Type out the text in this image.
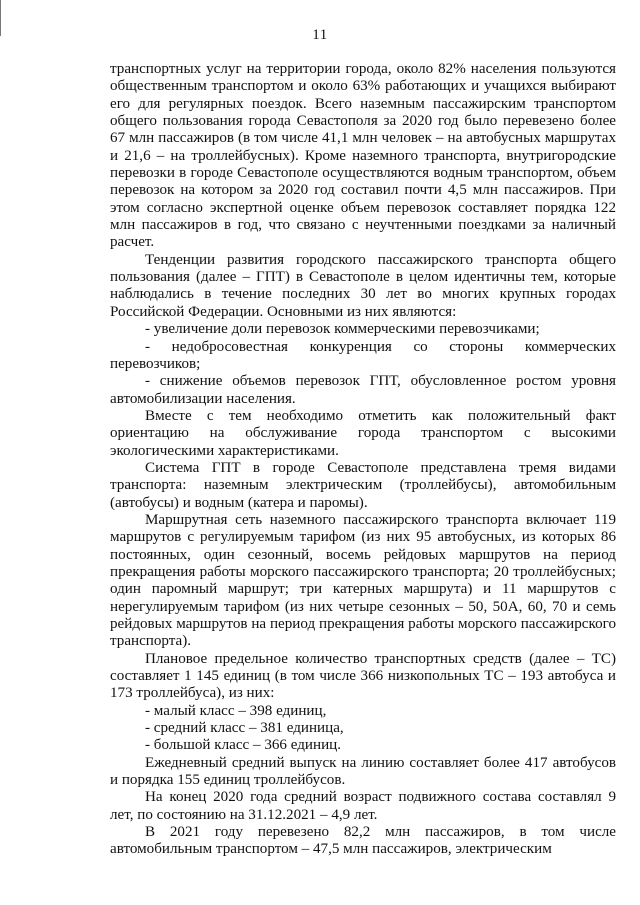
11

транспортных услуг на территории города, около 82% населения пользуются общественным транспортом и около 63% работающих и учащихся выбирают его для регулярных поездок. Всего наземным пассажирским транспортом общего пользования города Севастополя за 2020 год было перевезено более 67 млн пассажиров (в том числе 41,1 млн человек – на автобусных маршрутах и 21,6 – на троллейбусных). Кроме наземного транспорта, внутригородские перевозки в городе Севастополе осуществляются водным транспортом, объем перевозок на котором за 2020 год составил почти 4,5 млн пассажиров. При этом согласно экспертной оценке объем перевозок составляет порядка 122 млн пассажиров в год, что связано с неучтенными поездками за наличный расчет.

Тенденции развития городского пассажирского транспорта общего пользования (далее – ГПТ) в Севастополе в целом идентичны тем, которые наблюдались в течение последних 30 лет во многих крупных городах Российской Федерации. Основными из них являются:

- увеличение доли перевозок коммерческими перевозчиками;

- недобросовестная конкуренция со стороны коммерческих перевозчиков;

- снижение объемов перевозок ГПТ, обусловленное ростом уровня автомобилизации населения.

Вместе с тем необходимо отметить как положительный факт ориентацию на обслуживание города транспортом с высокими экологическими характеристиками.

Система ГПТ в городе Севастополе представлена тремя видами транспорта: наземным электрическим (троллейбусы), автомобильным (автобусы) и водным (катера и паромы).

Маршрутная сеть наземного пассажирского транспорта включает 119 маршрутов с регулируемым тарифом (из них 95 автобусных, из которых 86 постоянных, один сезонный, восемь рейдовых маршрутов на период прекращения работы морского пассажирского транспорта; 20 троллейбусных; один паромный маршрут; три катерных маршрута) и 11 маршрутов с нерегулируемым тарифом (из них четыре сезонных – 50, 50А, 60, 70 и семь рейдовых маршрутов на период прекращения работы морского пассажирского транспорта).

Плановое предельное количество транспортных средств (далее – ТС) составляет 1 145 единиц (в том числе 366 низкопольных ТС – 193 автобуса и 173 троллейбуса), из них:

- малый класс – 398 единиц,

- средний класс – 381 единица,

- большой класс – 366 единиц.

Ежедневный средний выпуск на линию составляет более 417 автобусов и порядка 155 единиц троллейбусов.

На конец 2020 года средний возраст подвижного состава составлял 9 лет, по состоянию на 31.12.2021 – 4,9 лет.

В 2021 году перевезено 82,2 млн пассажиров, в том числе автомобильным транспортом – 47,5 млн пассажиров, электрическим
